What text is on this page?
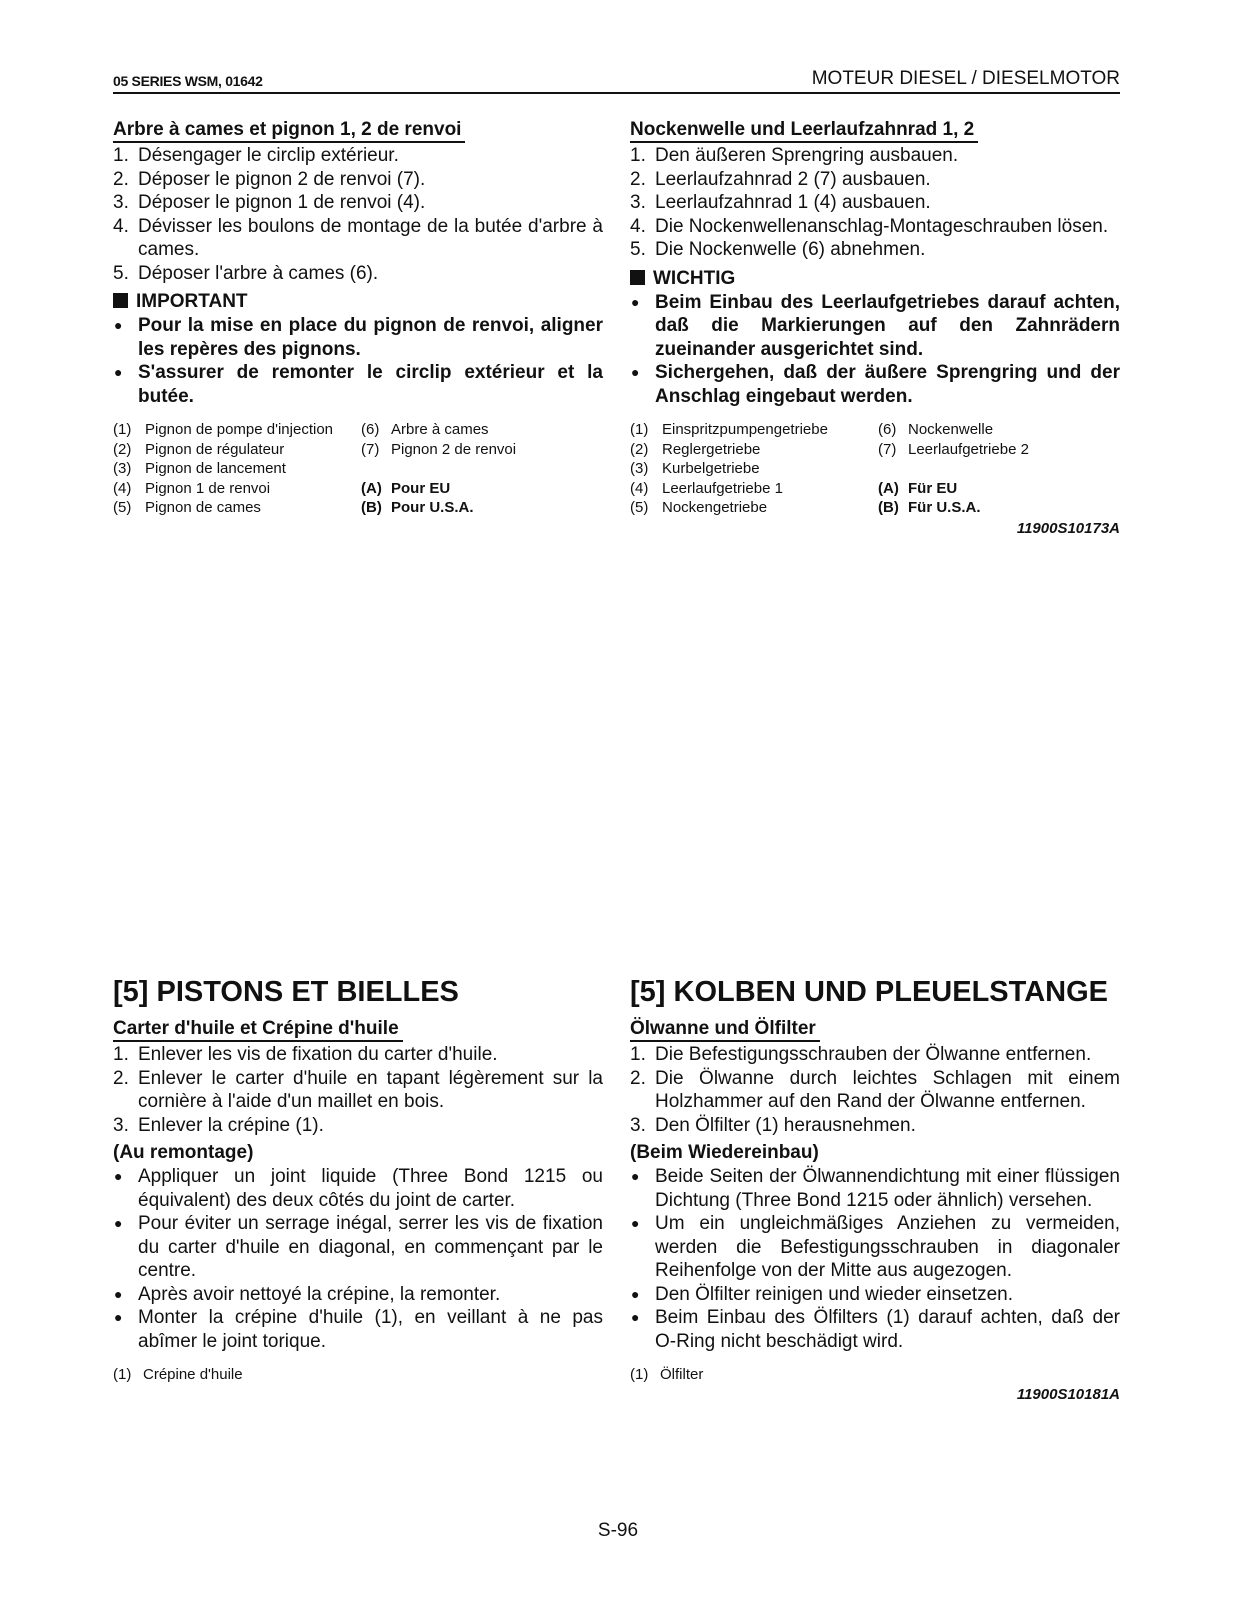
05 SERIES WSM, 01642	MOTEUR DIESEL / DIESELMOTOR
Arbre à cames et pignon 1, 2 de renvoi
1. Désengager le circlip extérieur.
2. Déposer le pignon 2 de renvoi (7).
3. Déposer le pignon 1 de renvoi (4).
4. Dévisser les boulons de montage de la butée d'arbre à cames.
5. Déposer l'arbre à cames (6).
IMPORTANT
● Pour la mise en place du pignon de renvoi, aligner les repères des pignons.
● S'assurer de remonter le circlip extérieur et la butée.
(1)	Pignon de pompe d'injection	(6)	Arbre à cames
(2)	Pignon de régulateur	(7)	Pignon 2 de renvoi
(3)	Pignon de lancement		
(4)	Pignon 1 de renvoi	(A)	Pour EU
(5)	Pignon de cames	(B)	Pour U.S.A.
Nockenwelle und Leerlaufzahnrad 1, 2
1. Den äußeren Sprengring ausbauen.
2. Leerlaufzahnrad 2 (7) ausbauen.
3. Leerlaufzahnrad 1 (4) ausbauen.
4. Die Nockenwellenanschlag-Montageschrauben lösen.
5. Die Nockenwelle (6) abnehmen.
WICHTIG
● Beim Einbau des Leerlaufgetriebes darauf achten, daß die Markierungen auf den Zahnrädern zueinander ausgerichtet sind.
● Sichergehen, daß der äußere Sprengring und der Anschlag eingebaut werden.
(1)	Einspritzpumpengetriebe	(6)	Nockenwelle
(2)	Reglergetriebe	(7)	Leerlaufgetriebe 2
(3)	Kurbelgetriebe		
(4)	Leerlaufgetriebe 1	(A)	Für EU
(5)	Nockengetriebe	(B)	Für U.S.A.
11900S10173A
[5] PISTONS ET BIELLES
Carter d'huile et Crépine d'huile
1. Enlever les vis de fixation du carter d'huile.
2. Enlever le carter d'huile en tapant légèrement sur la cornière à l'aide d'un maillet en bois.
3. Enlever la crépine (1).
(Au remontage)
● Appliquer un joint liquide (Three Bond 1215 ou équivalent) des deux côtés du joint de carter.
● Pour éviter un serrage inégal, serrer les vis de fixation du carter d'huile en diagonal, en commençant par le centre.
● Après avoir nettoyé la crépine, la remonter.
● Monter la crépine d'huile (1), en veillant à ne pas abîmer le joint torique.
(1) Crépine d'huile
[5] KOLBEN UND PLEUELSTANGE
Ölwanne und Ölfilter
1. Die Befestigungsschrauben der Ölwanne entfernen.
2. Die Ölwanne durch leichtes Schlagen mit einem Holzhammer auf den Rand der Ölwanne entfernen.
3. Den Ölfilter (1) herausnehmen.
(Beim Wiedereinbau)
● Beide Seiten der Ölwannendichtung mit einer flüssigen Dichtung (Three Bond 1215 oder ähnlich) versehen.
● Um ein ungleichmäßiges Anziehen zu vermeiden, werden die Befestigungsschrauben in diagonaler Reihenfolge von der Mitte aus augezogen.
● Den Ölfilter reinigen und wieder einsetzen.
● Beim Einbau des Ölfilters (1) darauf achten, daß der O-Ring nicht beschädigt wird.
(1) Ölfilter
11900S10181A
S-96
